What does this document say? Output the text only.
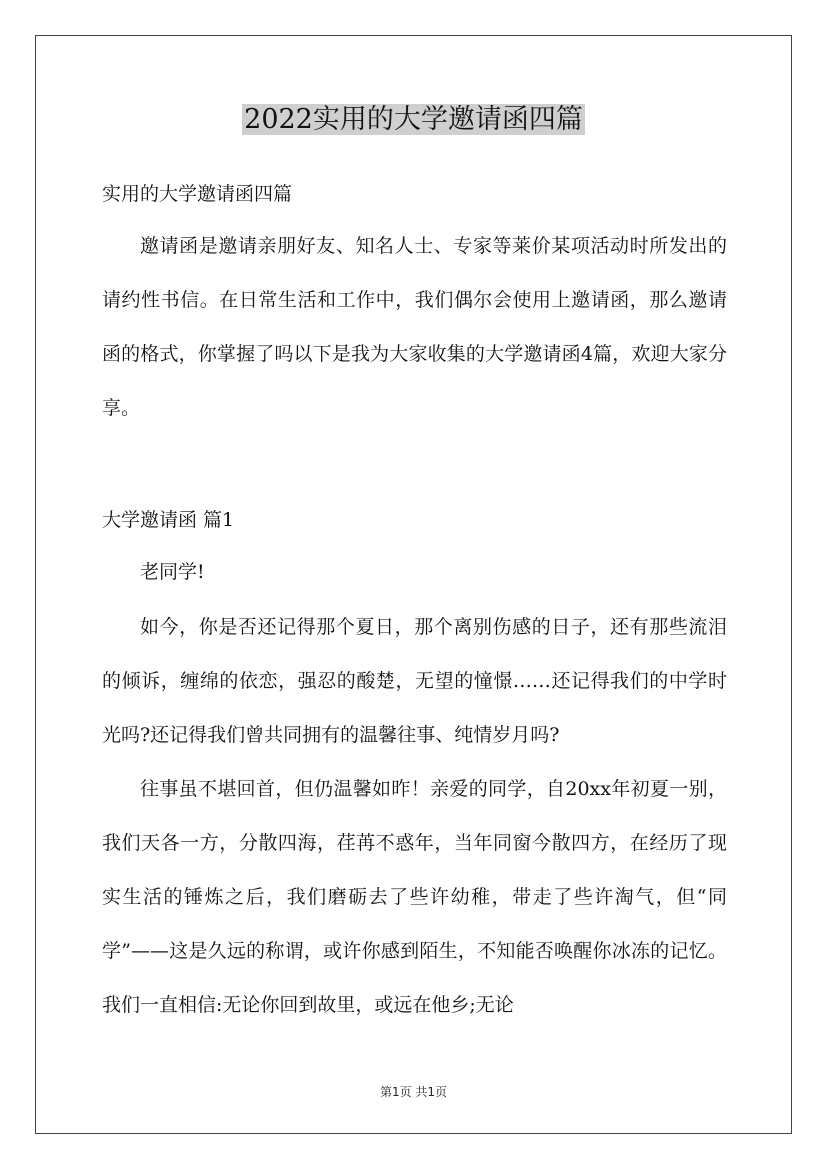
2022实用的大学邀请函四篇
实用的大学邀请函四篇

邀请函是邀请亲朋好友、知名人士、专家等莱价某项活动时所发出的请约性书信。在日常生活和工作中，我们偶尔会使用上邀请函，那么邀请函的格式，你掌握了吗以下是我为大家收集的大学邀请函4篇，欢迎大家分享。

大学邀请函 篇1
老同学!

如今，你是否还记得那个夏日，那个离别伤感的日子，还有那些流泪的倾诉，缠绵的依恋，强忍的酸楚，无望的憧憬……还记得我们的中学时光吗?还记得我们曾共同拥有的温馨往事、纯情岁月吗?

往事虽不堪回首，但仍温馨如昨！亲爱的同学，自20xx年初夏一别，我们天各一方，分散四海，荏苒不惑年，当年同窗今散四方，在经历了现实生活的锤炼之后，我们磨砺去了些许幼稚，带走了些许淘气，但“同学”——这是久远的称谓，或许你感到陌生，不知能否唤醒你冰冻的记忆。我们一直相信:无论你回到故里，或远在他乡;无论

第1页 共1页
